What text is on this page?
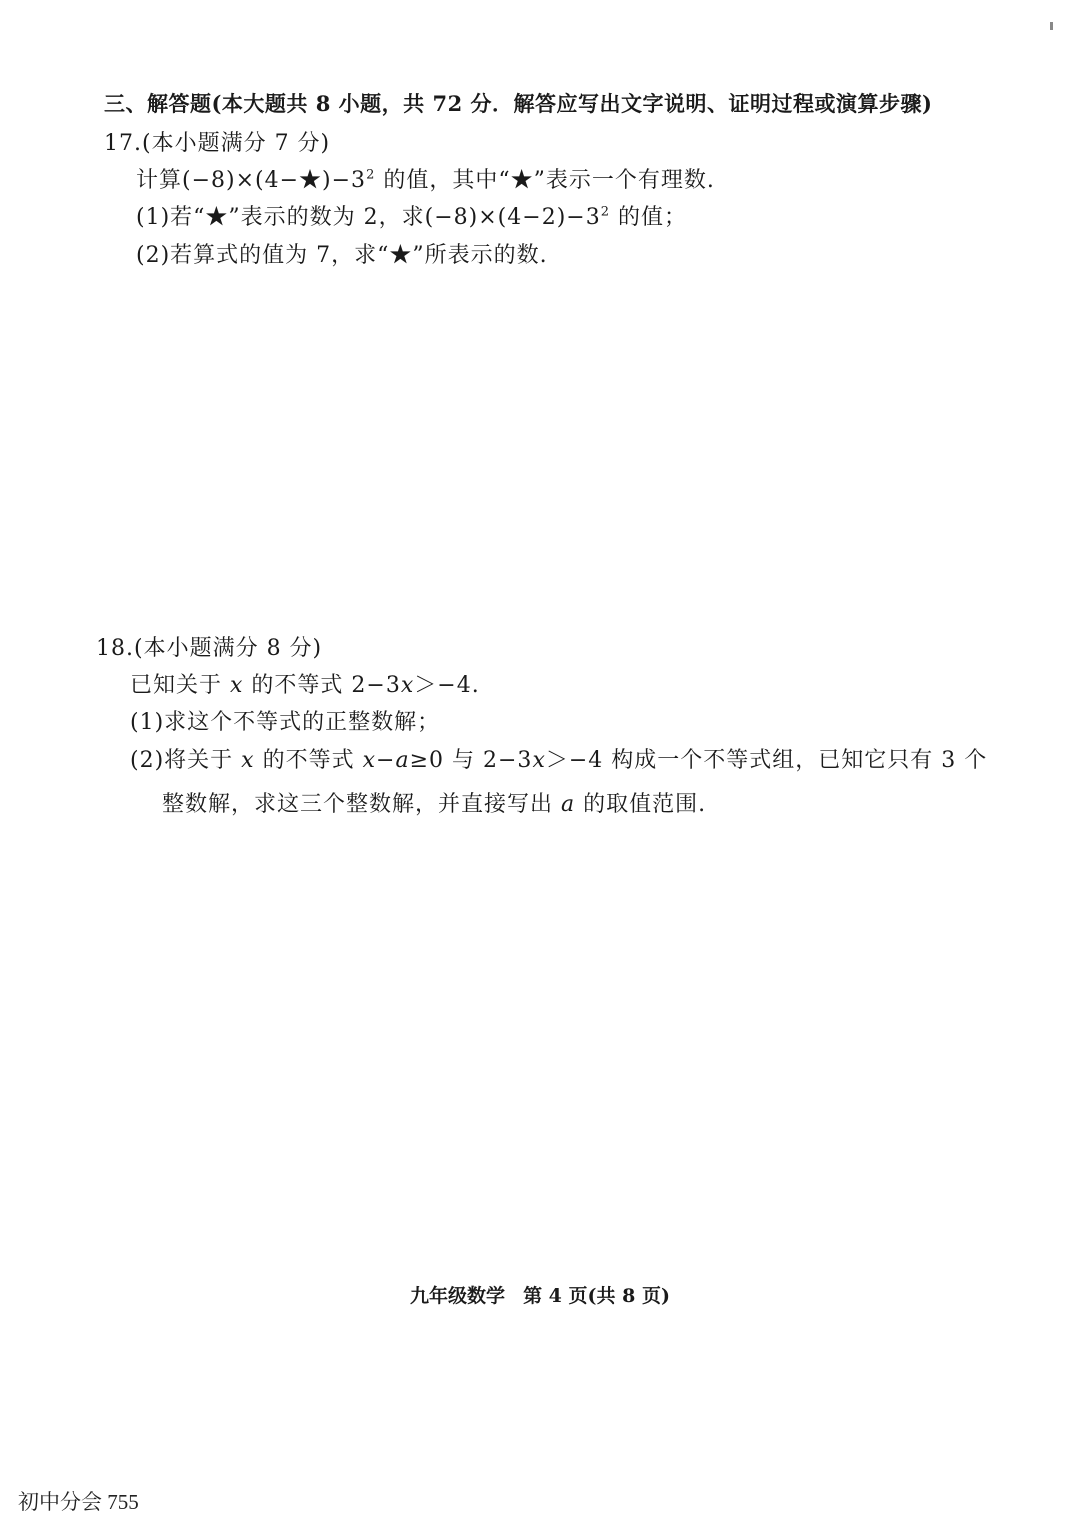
三、解答题(本大题共 8 小题，共 72 分．解答应写出文字说明、证明过程或演算步骤)
17.(本小题满分 7 分)
计算$(-8)\times(4-★)-3^2$ 的值，其中“★”表示一个有理数.
(1)若“★”表示的数为 2，求$(-8)\times(4-2)-3^2$ 的值；
(2)若算式的值为 7，求“★”所表示的数.
18.(本小题满分 8 分)
已知关于 x 的不等式 2−3x＞−4.
(1)求这个不等式的正整数解；
(2)将关于 x 的不等式 x−a≥0 与 2−3x＞−4 构成一个不等式组，已知它只有 3 个
整数解，求这三个整数解，并直接写出 a 的取值范围.
九年级数学 第 4 页(共 8 页)
初中分会 755
